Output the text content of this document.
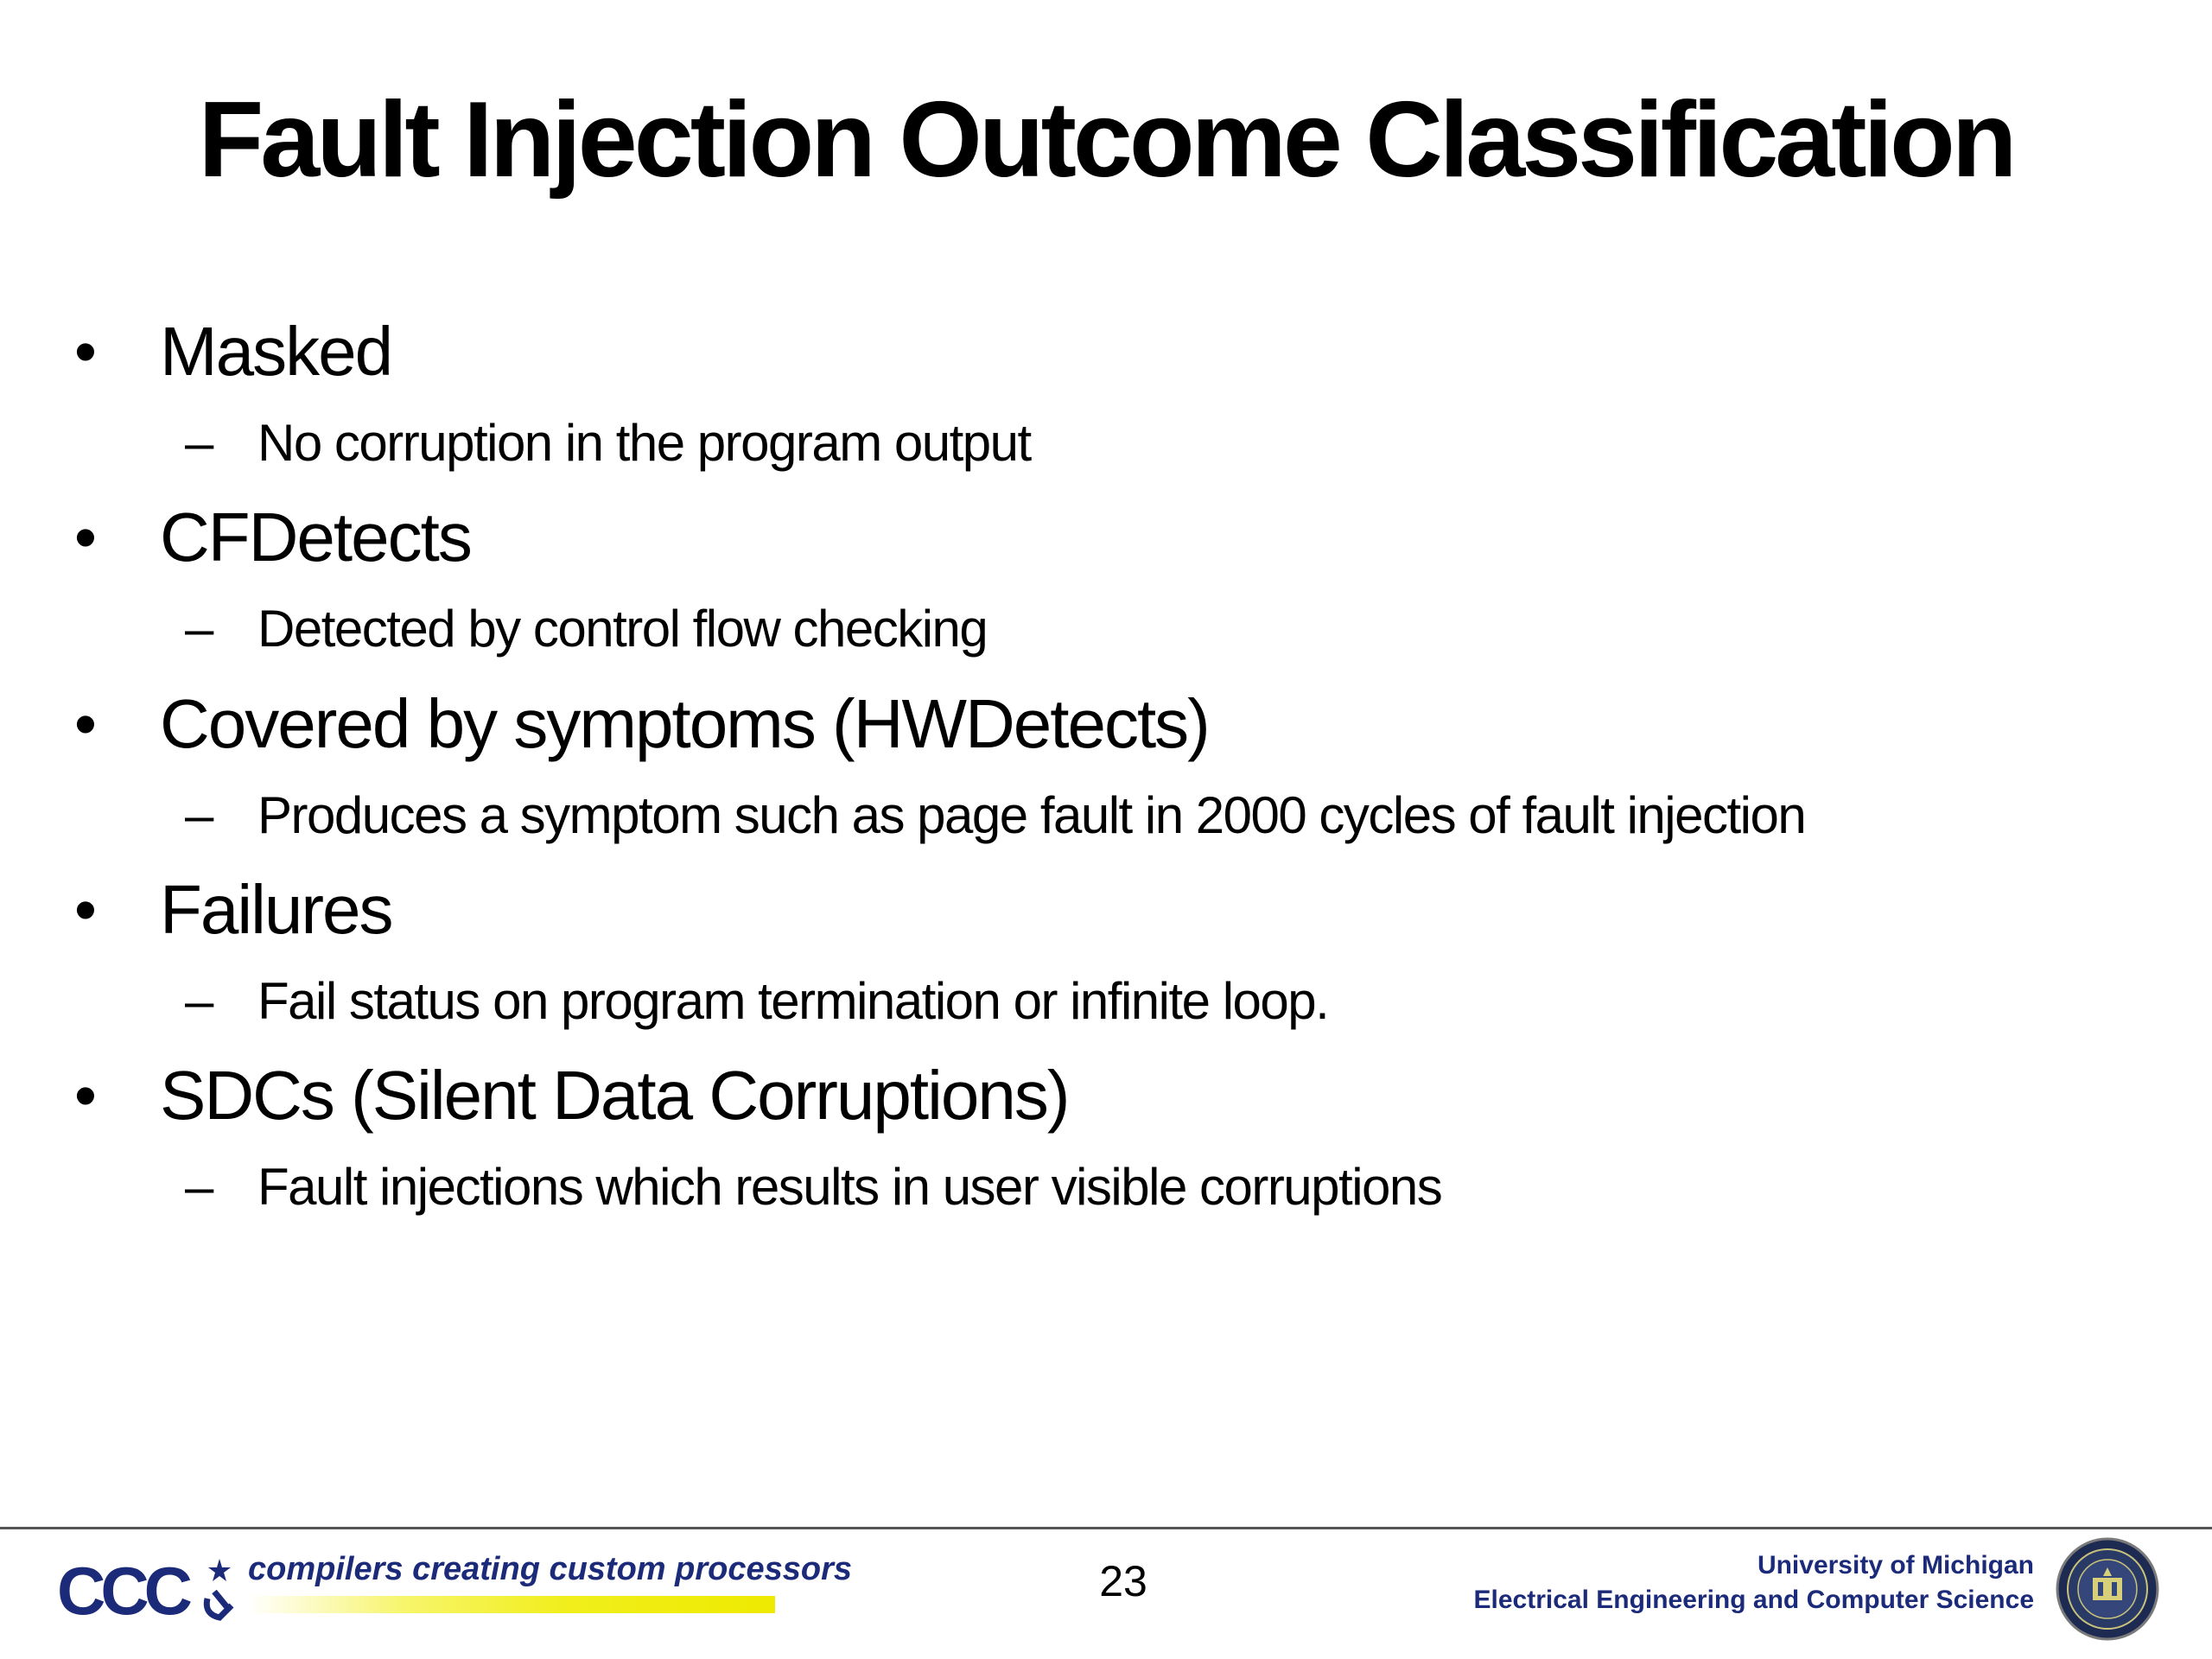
Fault Injection Outcome Classification
• Masked
– No corruption in the program output
• CFDetects
– Detected by control flow checking
• Covered by symptoms (HWDetects)
– Produces a symptom such as page fault in 2000 cycles of fault injection
• Failures
– Fail status on program termination or infinite loop.
• SDCs (Silent Data Corruptions)
– Fault injections which results in user visible corruptions
CCC compilers creating custom processors	23	University of Michigan
Electrical Engineering and Computer Science
